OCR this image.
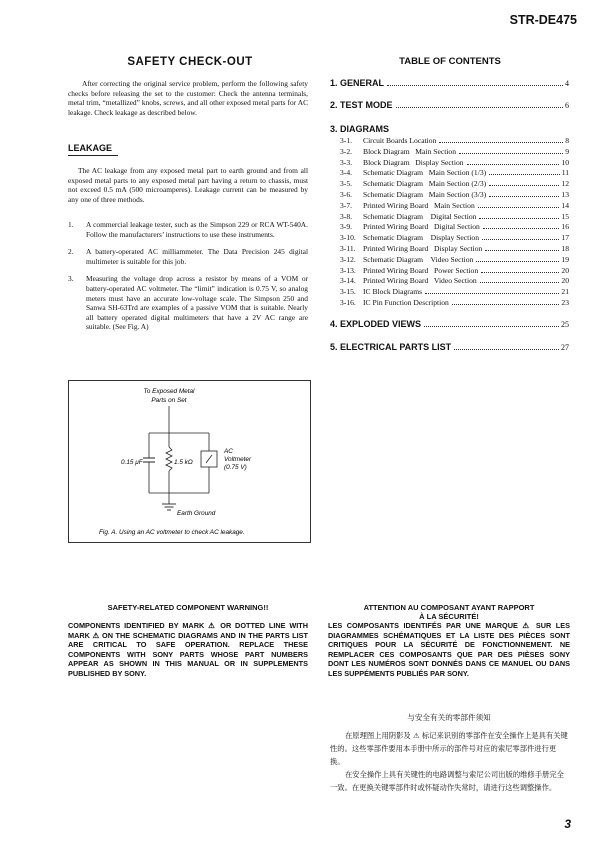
STR-DE475
SAFETY CHECK-OUT
After correcting the original service problem, perform the following safety checks before releasing the set to the customer: Check the antenna terminals, metal trim, “metallized” knobs, screws, and all other exposed metal parts for AC leakage. Check leakage as described below.
LEAKAGE
The AC leakage from any exposed metal part to earth ground and from all exposed metal parts to any exposed metal part having a return to chassis, must not exceed 0.5 mA (500 microamperes). Leakage current can be measured by any one of three methods.
1. A commercial leakage tester, such as the Simpson 229 or RCA WT-540A. Follow the manufacturers’ instructions to use these instruments.
2. A battery-operated AC milliammeter. The Data Precision 245 digital multimeter is suitable for this job.
3. Measuring the voltage drop across a resistor by means of a VOM or battery-operated AC voltmeter. The “limit” indication is 0.75 V, so analog meters must have an accurate low-voltage scale. The Simpson 250 and Sanwa SH-63Trd are examples of a passive VOM that is suitable. Nearly all battery operated digital multimeters that have a 2V AC range are suitable. (See Fig. A)
To Exposed Metal
Parts on Set
0.15 μF	1.5 kΩ
AC
Voltmeter
(0.75 V)
Earth Ground
Fig. A. Using an AC voltmeter to check AC leakage.
TABLE OF CONTENTS
1. GENERAL	4
2. TEST MODE	6
3. DIAGRAMS
3-1.	Circuit Boards Location	8
3-2.	Block Diagram   Main Section	9
3-3.	Block Diagram   Display Section	10
3-4.	Schematic Diagram   Main Section (1/3)	11
3-5.	Schematic Diagram   Main Section (2/3)	12
3-6.	Schematic Diagram   Main Section (3/3)	13
3-7.	Printed Wiring Board   Main Section	14
3-8.	Schematic Diagram    Digital Section	15
3-9.	Printed Wiring Board   Digital Section	16
3-10. Schematic Diagram    Display Section	17
3-11. Printed Wiring Board   Display Section	18
3-12. Schematic Diagram    Video Section	19
3-13. Printed Wiring Board   Power Section	20
3-14. Printed Wiring Board   Video Section	20
3-15. IC Block Diagrams	21
3-16. IC Pin Function Description	23
4. EXPLODED VIEWS	25
5. ELECTRICAL PARTS LIST	27
SAFETY-RELATED COMPONENT WARNING!!
COMPONENTS IDENTIFIED BY MARK ⚠ OR DOTTED LINE WITH MARK ⚠ ON THE SCHEMATIC DIAGRAMS AND IN THE PARTS LIST ARE CRITICAL TO SAFE OPERATION. REPLACE THESE COMPONENTS WITH SONY PARTS WHOSE PART NUMBERS APPEAR AS SHOWN IN THIS MANUAL OR IN SUPPLEMENTS PUBLISHED BY SONY.
ATTENTION AU COMPOSANT AYANT RAPPORT
À LA SÉCURITÉ!
LES COMPOSANTS IDENTIFÉS PAR UNE MARQUE ⚠ SUR LES DIAGRAMMES SCHÉMATIQUES ET LA LISTE DES PIÈCES SONT CRITIQUES POUR LA SÉCURITÉ DE FONCTIONNEMENT. NE REMPLACER CES COMPOSANTS QUE PAR DES PIÈSES SONY DONT LES NUMÉROS SONT DONNÉS DANS CE MANUEL OU DANS LES SUPPÉMENTS PUBLIÉS PAR SONY.
与安全有关的零部件须知
在原理图上用阴影及 ⚠ 标记来识别的零部件在安全操作上是具有关键性的。这些零部件要用本手册中所示的部件号对应的索尼零部件进行更换。
在安全操作上具有关键性的电路调整与索尼公司出版的维修手册完全一致。在更换关键零部件时或怀疑动作失常时，请进行这些调整操作。
3
